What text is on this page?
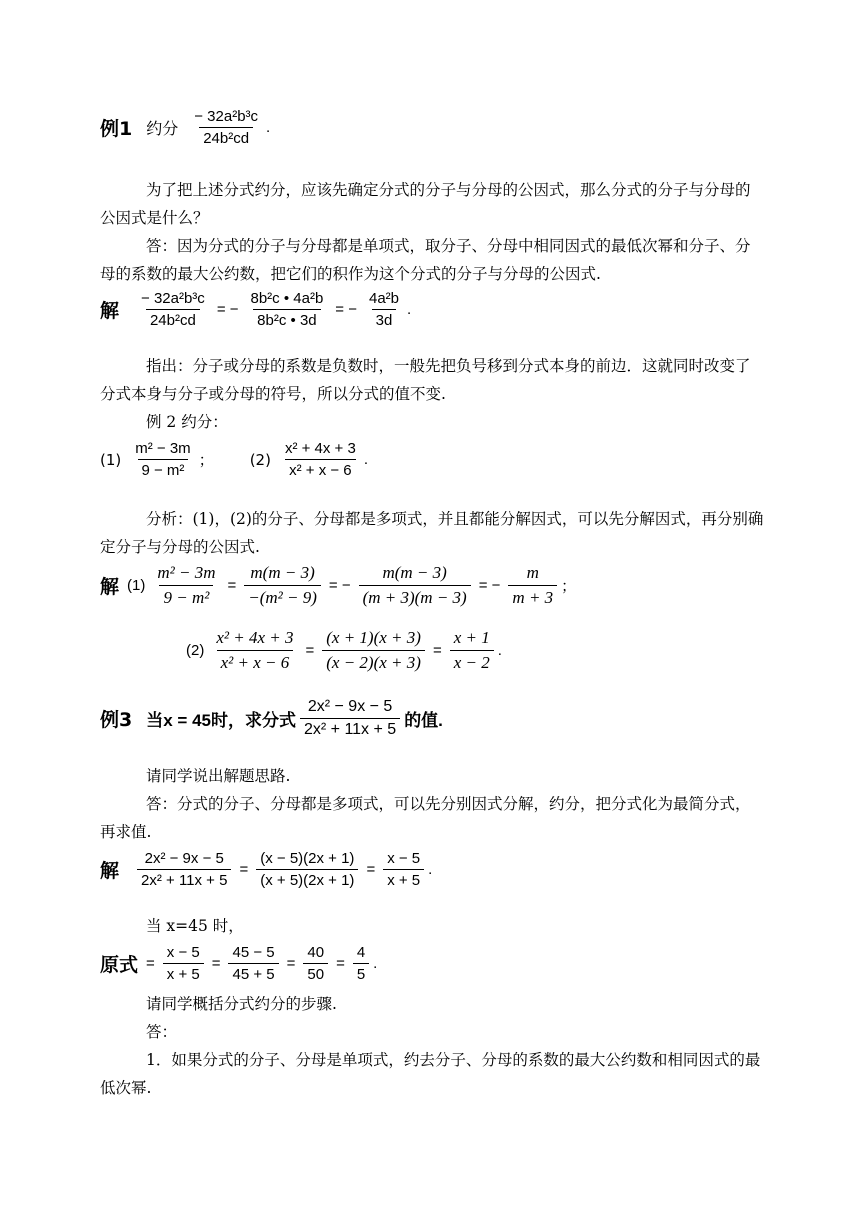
例1 约分 $\frac{\text{− 32a²b³c}}{\text{24b²cd}}$ .

为了把上述分式约分，应该先确定分式的分子与分母的公因式，那么分式的分子与分母的公因式是什么？

答：因为分式的分子与分母都是单项式，取分子、分母中相同因式的最低次幂和分子、分母的系数的最大公约数，把它们的积作为这个分式的分子与分母的公因式.

解 $\frac{\text{− 32a²b³c}}{\text{24b²cd}}$ = − $\frac{\text{8b²c • 4a²b}}{\text{8b²c • 3d}}$ = − $\frac{\text{4a²b}}{3d}$ .

指出：分子或分母的系数是负数时，一般先把负号移到分式本身的前边．这就同时改变了分式本身与分子或分母的符号，所以分式的值不变.

例 2 约分：

$(1) \frac{\text{m² − 3m}}{\text{9 − m²}}$ ； $(2) \frac{\text{x² + 4x + 3}}{\text{x² + x − 6}}$ .

分析：(1)，(2)的分子、分母都是多项式，并且都能分解因式，可以先分解因式，再分别确定分子与分母的公因式.

解 $(1) \frac{\text{m² − 3m}}{\text{9 − m²}} = \frac{m(m - 3)}{\text{−(m² − 9)}}$ = − $\frac{m(m - 3)}{(m + 3)(m - 3)}$ = − $\frac{m}{m + 3}$ ；
$(2) \frac{\text{x² + 4x + 3}}{\text{x² + x − 6}} = \frac{(x + 1)(x + 3)}{(x - 2)(x + 3)} = \frac{x + 1}{x - 2}$ .
例3 当x = 45时，求分式 $\frac{\text{2x² − 9x − 5}}{\text{2x² + 11x + 5}}$ 的值.

请同学说出解题思路.

答：分式的分子、分母都是多项式，可以先分别因式分解，约分，把分式化为最简分式，再求值.

解 $\frac{\text{2x² − 9x − 5}}{\text{2x² + 11x + 5}} = \frac{(x - 5)(2x + 1)}{(x + 5)(2x + 1)} = \frac{x - 5}{x + 5}$ .

当 x=45 时，

原式 = $\frac{x - 5}{x + 5} = \frac{45 - 5}{45 + 5} = \frac{40}{50} = \frac{4}{5}$ .

请同学概括分式约分的步骤.

答：

1．如果分式的分子、分母是单项式，约去分子、分母的系数的最大公约数和相同因式的最低次幂.
